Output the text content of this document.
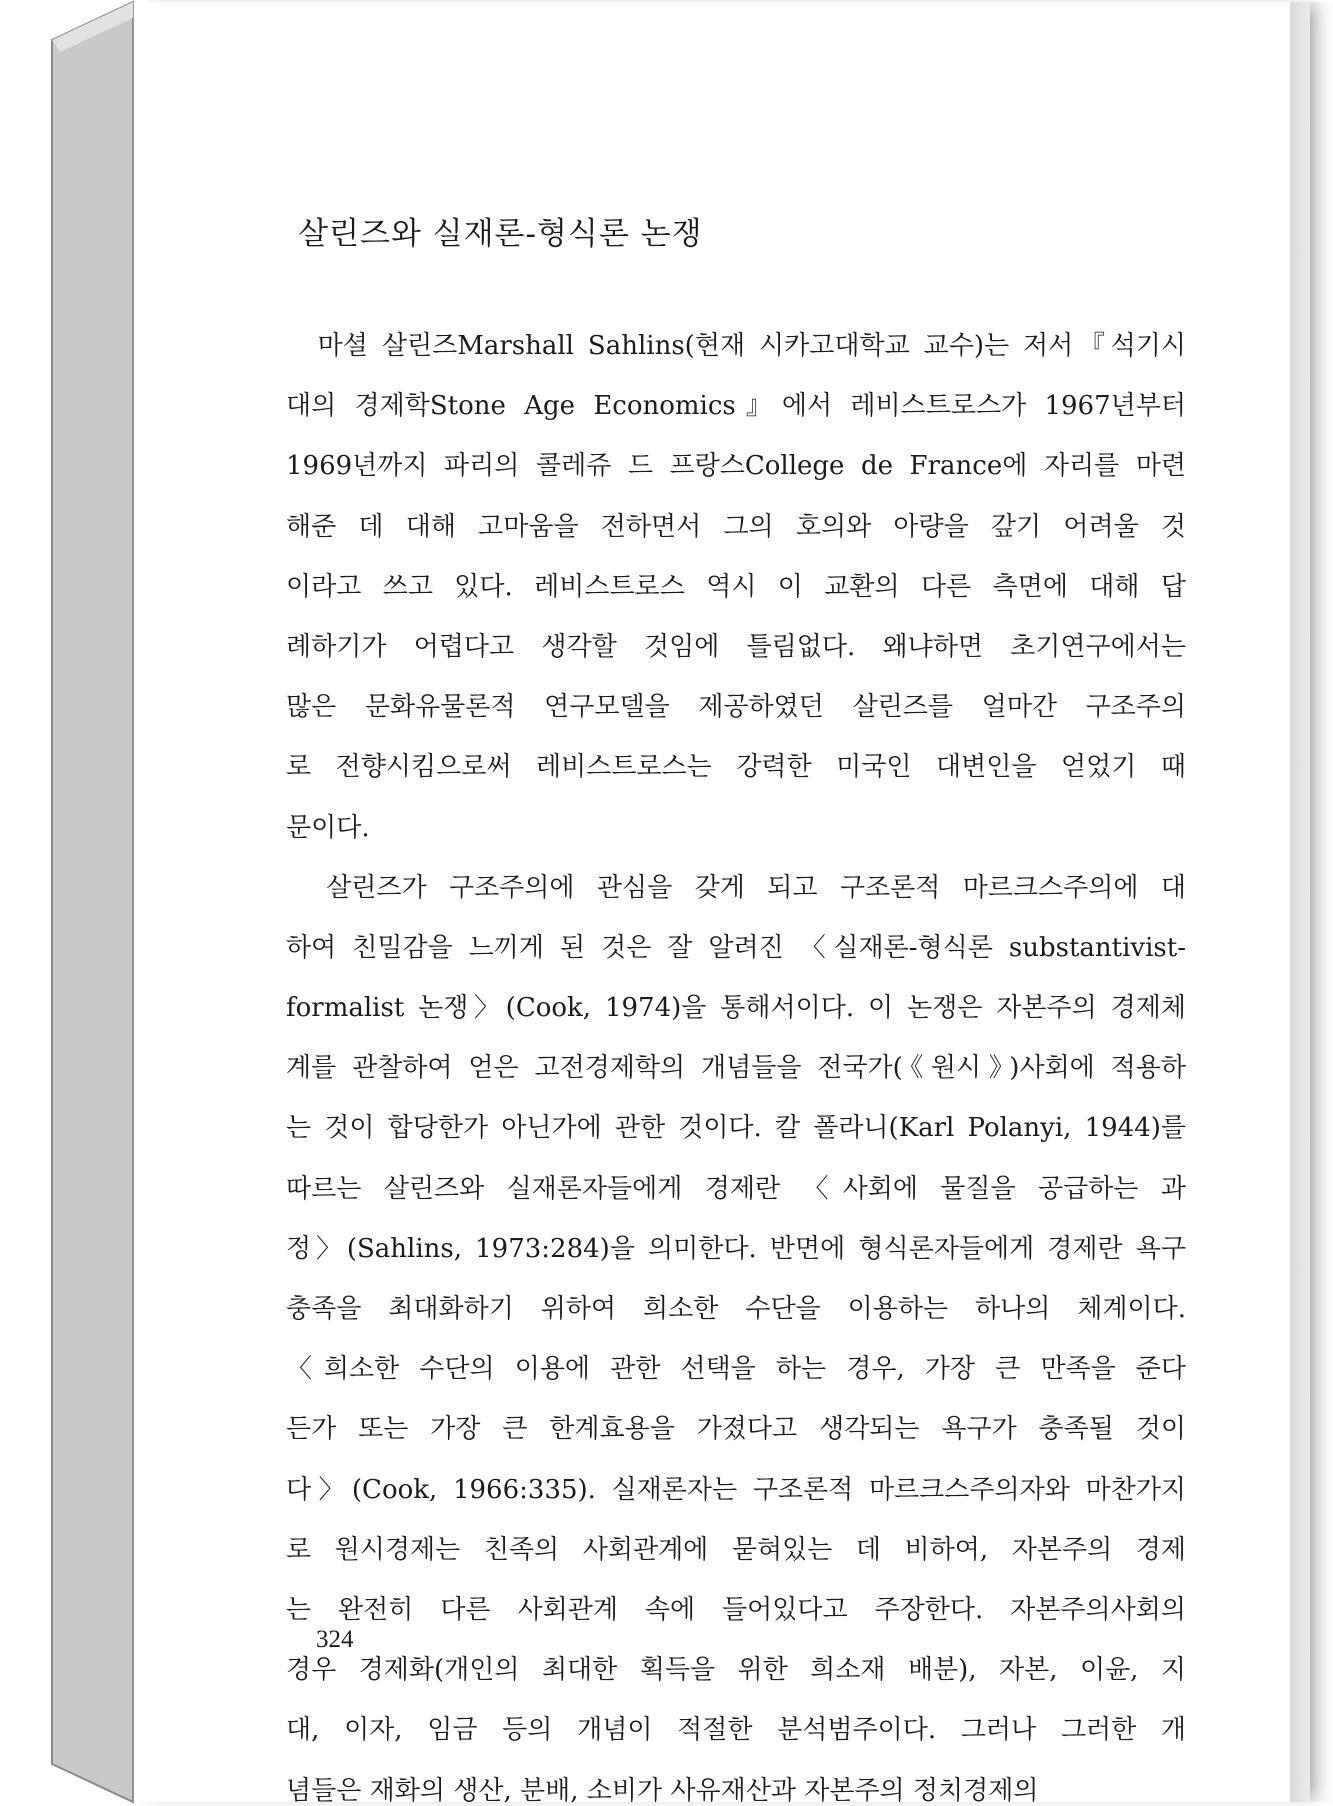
살린즈와 실재론-형식론 논쟁
　마셜 살린즈Marshall Sahlins(현재 시카고대학교 교수)는 저서『석기시
대의 경제학Stone Age Economics』에서 레비스트로스가 1967년부터
1969년까지 파리의 콜레쥬 드 프랑스College de France에 자리를 마련
해준 데 대해 고마움을 전하면서 그의 호의와 아량을 갚기 어려울 것
이라고 쓰고 있다. 레비스트로스 역시 이 교환의 다른 측면에 대해 답
례하기가 어렵다고 생각할 것임에 틀림없다. 왜냐하면 초기연구에서는
많은 문화유물론적 연구모델을 제공하였던 살린즈를 얼마간 구조주의
로 전향시킴으로써 레비스트로스는 강력한 미국인 대변인을 얻었기 때
문이다.
　살린즈가 구조주의에 관심을 갖게 되고 구조론적 마르크스주의에 대
하여 친밀감을 느끼게 된 것은 잘 알려진 〈실재론-형식론 substantivist-
formalist 논쟁〉(Cook, 1974)을 통해서이다. 이 논쟁은 자본주의 경제체
계를 관찰하여 얻은 고전경제학의 개념들을 전국가(《원시》)사회에 적용하
는 것이 합당한가 아닌가에 관한 것이다. 칼 폴라니(Karl Polanyi, 1944)를
따르는 살린즈와 실재론자들에게 경제란 〈사회에 물질을 공급하는 과
정〉(Sahlins, 1973:284)을 의미한다. 반면에 형식론자들에게 경제란 욕구
충족을 최대화하기 위하여 희소한 수단을 이용하는 하나의 체계이다.
〈희소한 수단의 이용에 관한 선택을 하는 경우, 가장 큰 만족을 준다
든가 또는 가장 큰 한계효용을 가졌다고 생각되는 욕구가 충족될 것이
다〉(Cook, 1966:335). 실재론자는 구조론적 마르크스주의자와 마찬가지
로 원시경제는 친족의 사회관계에 묻혀있는 데 비하여, 자본주의 경제
는 완전히 다른 사회관계 속에 들어있다고 주장한다. 자본주의사회의
경우 경제화(개인의 최대한 획득을 위한 희소재 배분), 자본, 이윤, 지
대, 이자, 임금 등의 개념이 적절한 분석범주이다. 그러나 그러한 개
념들은 재화의 생산, 분배, 소비가 사유재산과 자본주의 정치경제의
324
